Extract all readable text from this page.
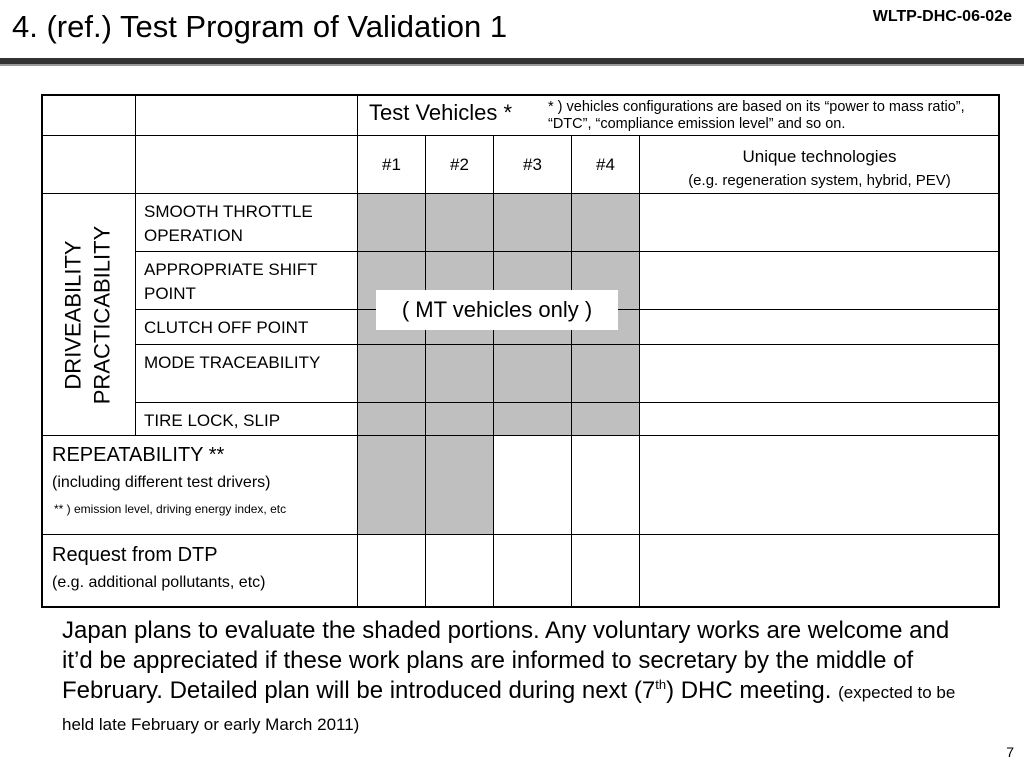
4. (ref.) Test Program of Validation 1	WLTP-DHC-06-02e
Test Vehicles * * ) vehicles configurations are based on its “power to mass ratio”, “DTC”, “compliance emission level” and so on.
#1	#2	#3	#4	Unique technologies
(e.g. regeneration system, hybrid, PEV)
DRIVEABILITY PRACTICABILITY
SMOOTH THROTTLE OPERATION
APPROPRIATE SHIFT POINT
CLUTCH OFF POINT
MODE TRACEABILITY
TIRE LOCK, SLIP
( MT vehicles only )
REPEATABILITY **
(including different test drivers)
** ) emission level, driving energy index, etc
Request from DTP
(e.g. additional pollutants, etc)
Japan plans to evaluate the shaded portions. Any voluntary works are welcome and it’d be appreciated if these work plans are informed to secretary by the middle of February. Detailed plan will be introduced during next (7th) DHC meeting. (expected to be held late February or early March 2011)
7
